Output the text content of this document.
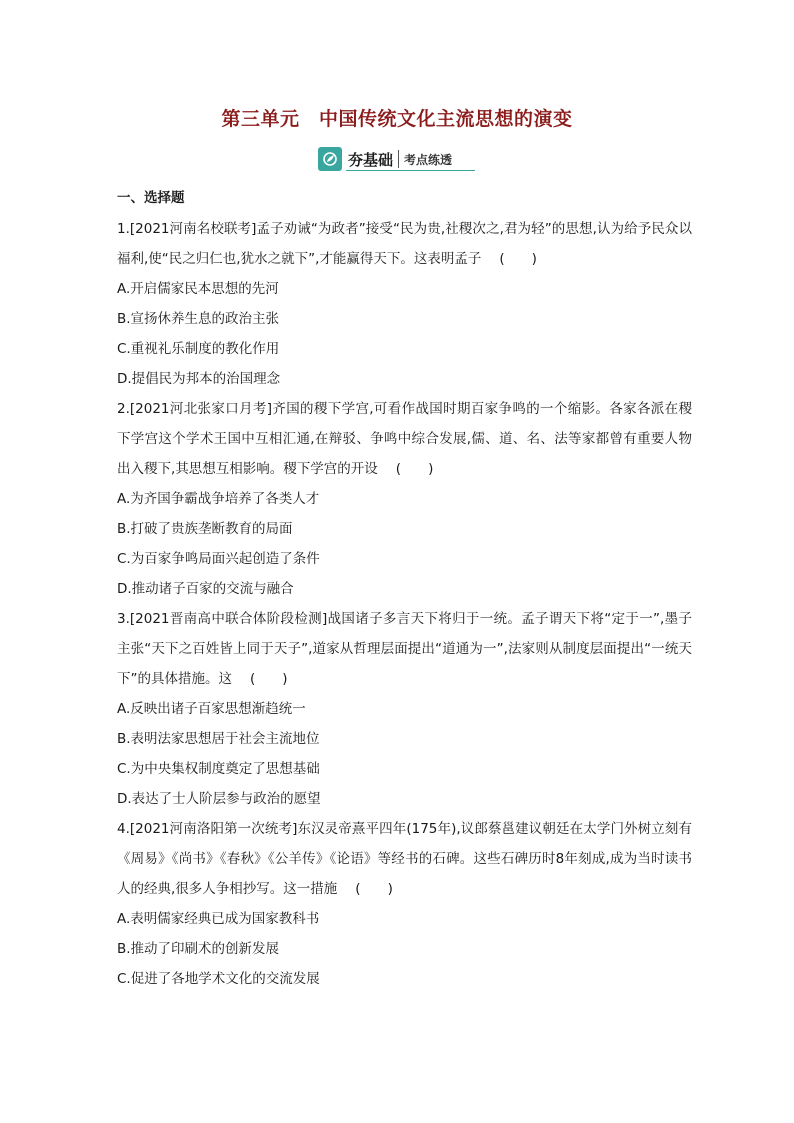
第三单元　中国传统文化主流思想的演变
夯基础 考点练透
一、选择题

1.[2021河南名校联考]孟子劝诫“为政者”接受“民为贵,社稷次之,君为轻”的思想,认为给予民众以福利,使“民之归仁也,犹水之就下”,才能赢得天下。这表明孟子 (　　)

A.开启儒家民本思想的先河

B.宣扬休养生息的政治主张

C.重视礼乐制度的教化作用

D.提倡民为邦本的治国理念

2.[2021河北张家口月考]齐国的稷下学宫,可看作战国时期百家争鸣的一个缩影。各家各派在稷下学宫这个学术王国中互相汇通,在辩驳、争鸣中综合发展,儒、道、名、法等家都曾有重要人物出入稷下,其思想互相影响。稷下学宫的开设 (　　)

A.为齐国争霸战争培养了各类人才

B.打破了贵族垄断教育的局面

C.为百家争鸣局面兴起创造了条件

D.推动诸子百家的交流与融合

3.[2021晋南高中联合体阶段检测]战国诸子多言天下将归于一统。孟子谓天下将“定于一”,墨子主张“天下之百姓皆上同于天子”,道家从哲理层面提出“道通为一”,法家则从制度层面提出“一统天下”的具体措施。这 (　　)

A.反映出诸子百家思想渐趋统一

B.表明法家思想居于社会主流地位

C.为中央集权制度奠定了思想基础

D.表达了士人阶层参与政治的愿望

4.[2021河南洛阳第一次统考]东汉灵帝熹平四年(175年),议郎蔡邕建议朝廷在太学门外树立刻有《周易》《尚书》《春秋》《公羊传》《论语》等经书的石碑。这些石碑历时8年刻成,成为当时读书人的经典,很多人争相抄写。这一措施 (　　)

A.表明儒家经典已成为国家教科书

B.推动了印刷术的创新发展

C.促进了各地学术文化的交流发展
